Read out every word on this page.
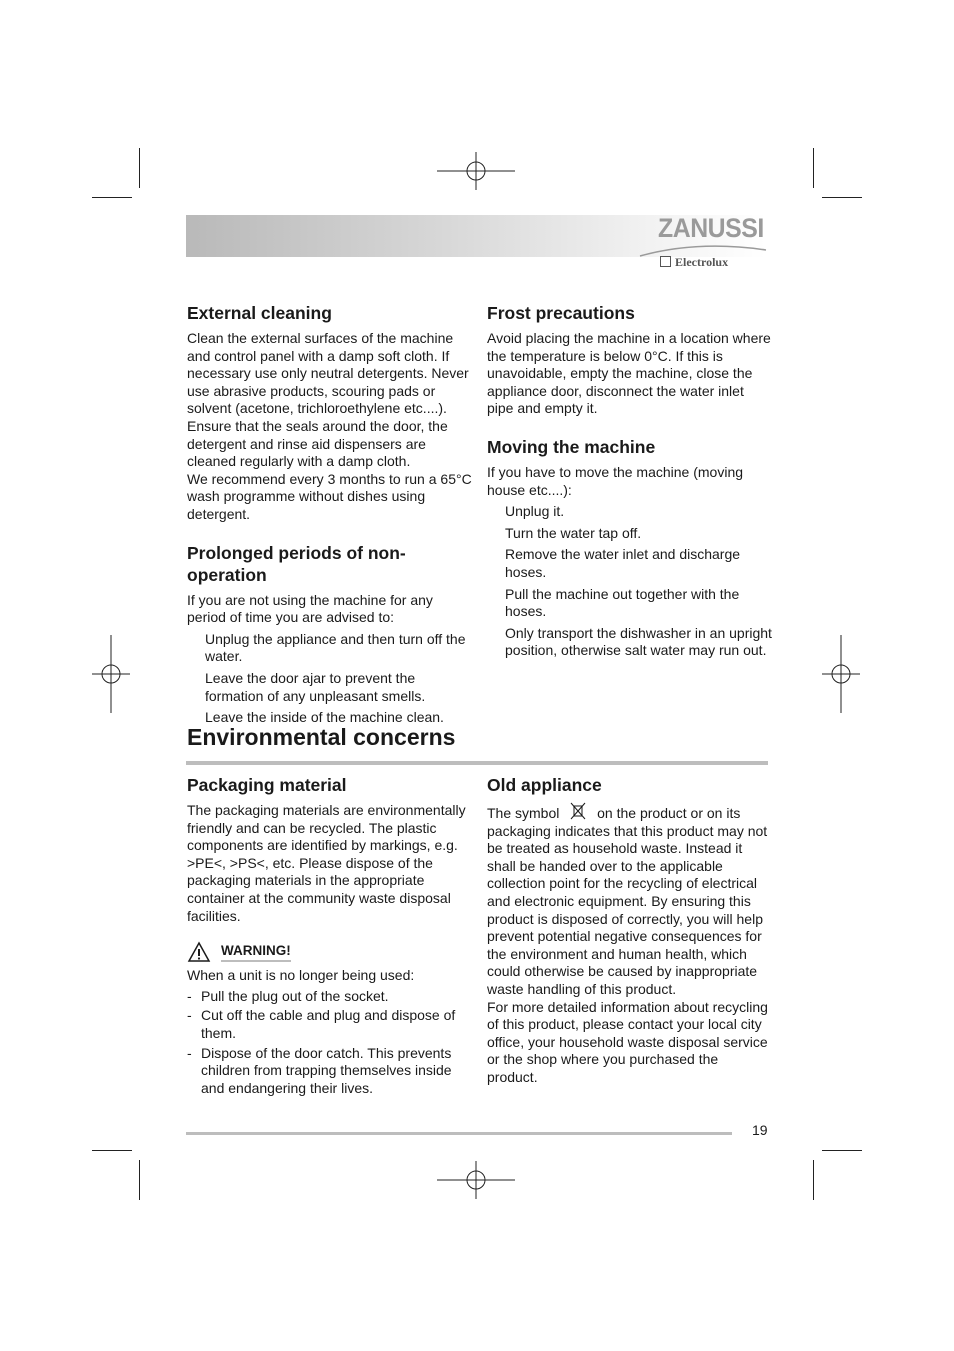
ZANUSSI
Electrolux
External cleaning

Clean the external surfaces of the machine and control panel with a damp soft cloth. If necessary use only neutral detergents. Never use abrasive products, scouring pads or solvent (acetone, trichloroethylene etc....). Ensure that the seals around the door, the detergent and rinse aid dispensers are cleaned regularly with a damp cloth.

We recommend every 3 months to run a 65°C wash programme without dishes using detergent.

Prolonged periods of non-operation

If you are not using the machine for any period of time you are advised to:

Unplug the appliance and then turn off the water.
Leave the door ajar to prevent the formation of any unpleasant smells.
Leave the inside of the machine clean.
Frost precautions

Avoid placing the machine in a location where the temperature is below 0°C. If this is unavoidable, empty the machine, close the appliance door, disconnect the water inlet pipe and empty it.

Moving the machine

If you have to move the machine (moving house etc....):

Unplug it.
Turn the water tap off.
Remove the water inlet and discharge hoses.
Pull the machine out together with the hoses.
Only transport the dishwasher in an upright position, otherwise salt water may run out.
Environmental concerns
Packaging material

The packaging materials are environmentally friendly and can be recycled. The plastic components are identified by markings, e.g. >PE<, >PS<, etc. Please dispose of the packaging materials in the appropriate container at the community waste disposal facilities.

WARNING!

When a unit is no longer being used:

- Pull the plug out of the socket.
- Cut off the cable and plug and dispose of them.
- Dispose of the door catch. This prevents children from trapping themselves inside and endangering their lives.
Old appliance

The symbol	on the product or on its packaging indicates that this product may not be treated as household waste. Instead it shall be handed over to the applicable collection point for the recycling of electrical and electronic equipment. By ensuring this product is disposed of correctly, you will help prevent potential negative consequences for the environment and human health, which could otherwise be caused by inappropriate waste handling of this product.

For more detailed information about recycling of this product, please contact your local city office, your household waste disposal service or the shop where you purchased the product.

19
